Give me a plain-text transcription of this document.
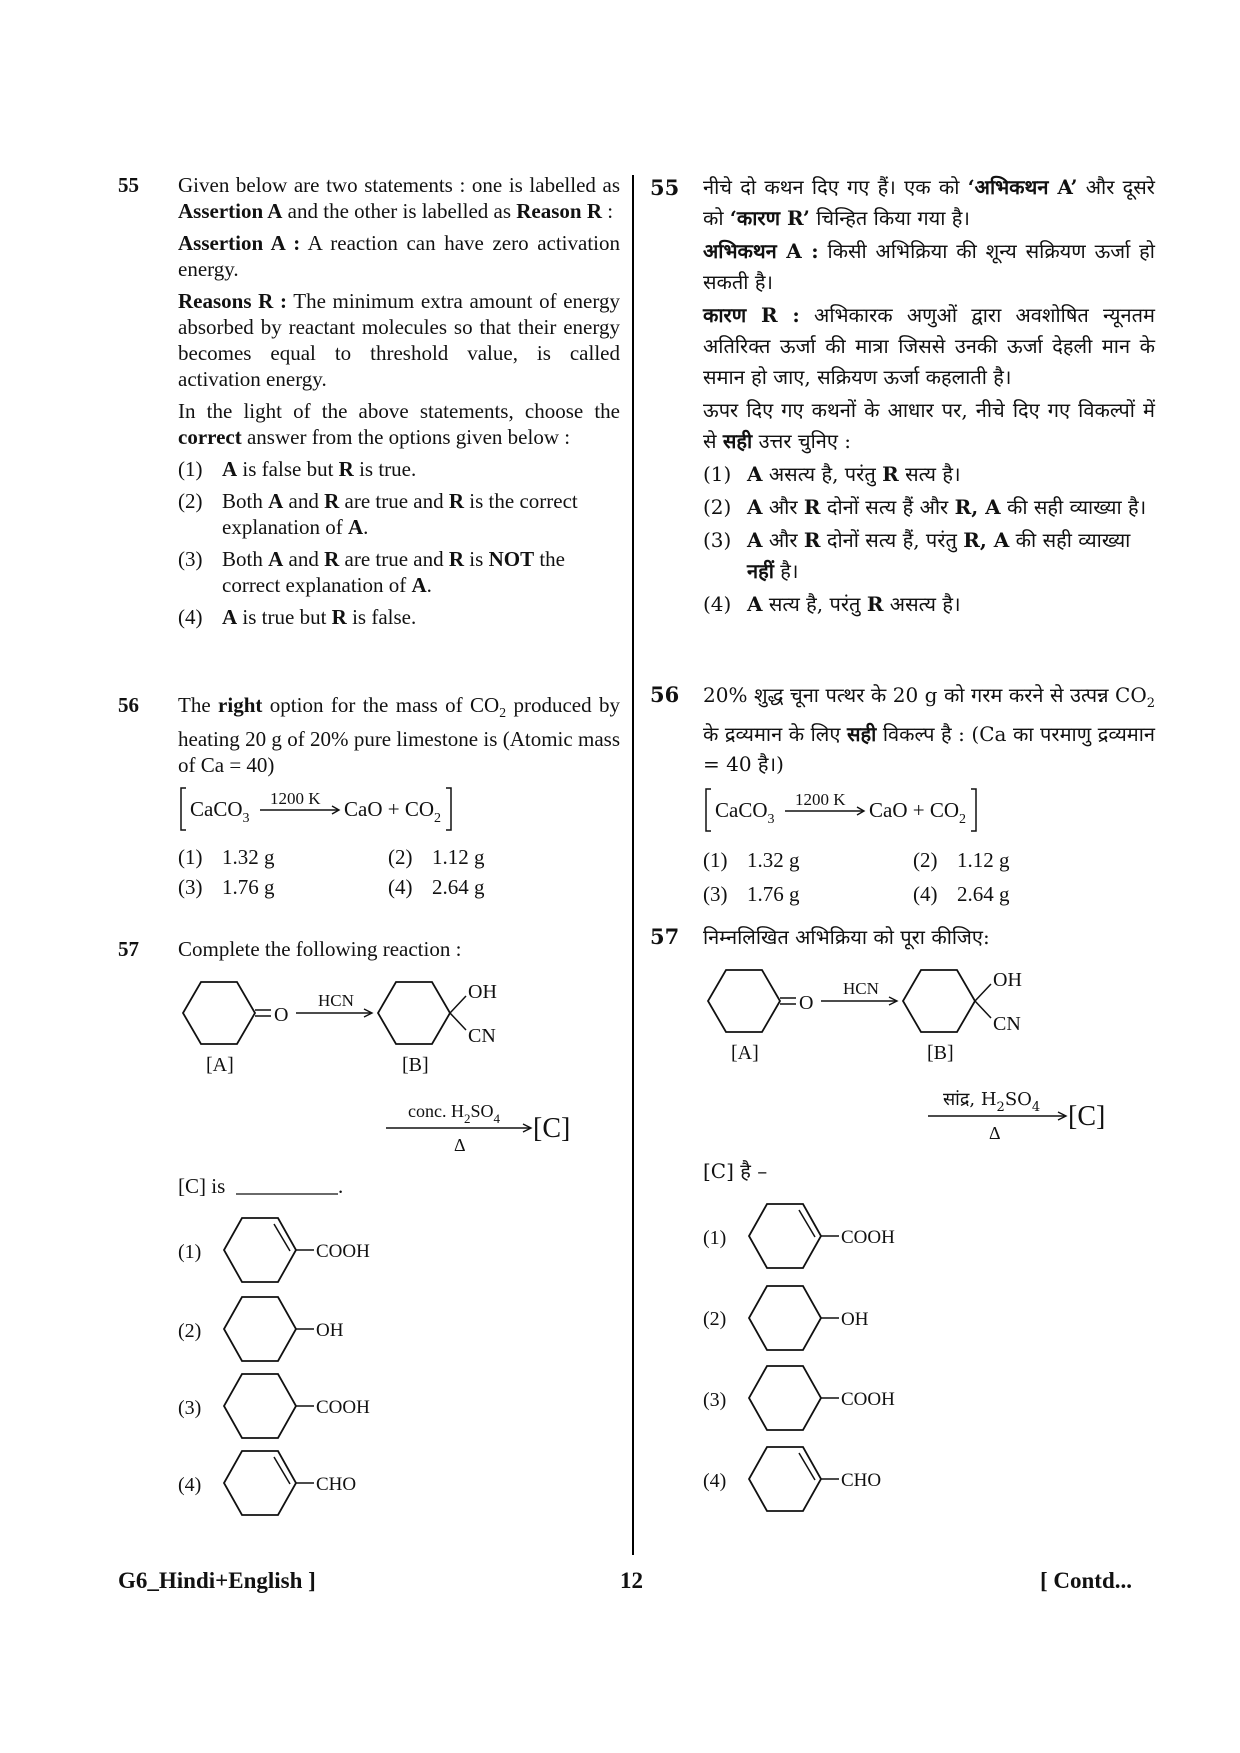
55 Given below are two statements : one is labelled as Assertion A and the other is labelled as Reason R :

Assertion A : A reaction can have zero activation energy.

Reasons R : The minimum extra amount of energy absorbed by reactant molecules so that their energy becomes equal to threshold value, is called activation energy.

In the light of the above statements, choose the correct answer from the options given below :

(1) A is false but R is true.
(2) Both A and R are true and R is the correct explanation of A.
(3) Both A and R are true and R is NOT the correct explanation of A.
(4) A is true but R is false.
56 The right option for the mass of $CO_2$ produced by heating 20 g of 20% pure limestone is (Atomic mass of Ca = 40)

CaCO$_3$
1200 K CaO + $CO_2$
(1) 1.32 g	(2) 1.12 g
(3) 1.76 g	(4) 2.64 g
57 Complete the following reaction :

O
[A]
HCN	OH
CN
[B]
conc. $H_2SO_4$
Δ
[C]
[C] is	.
(1)	COOH
(2)	OH
(3)	COOH
(4)	CHO
55 नीचे दो कथन दिए गए हैं। एक को ‘अभिकथन A’ और दूसरे को ‘कारण R’ चिन्हित किया गया है।

अभिकथन A : किसी अभिक्रिया की शून्य सक्रियण ऊर्जा हो सकती है।

कारण R : अभिकारक अणुओं द्वारा अवशोषित न्यूनतम अतिरिक्त ऊर्जा की मात्रा जिससे उनकी ऊर्जा देहली मान के समान हो जाए, सक्रियण ऊर्जा कहलाती है।

ऊपर दिए गए कथनों के आधार पर, नीचे दिए गए विकल्पों में से सही उत्तर चुनिए :

(1) A असत्य है, परंतु R सत्य है।
(2) A और R दोनों सत्य हैं और R, A की सही व्याख्या है।
(3) A और R दोनों सत्य हैं, परंतु R, A की सही व्याख्या नहीं है।
(4) A सत्य है, परंतु R असत्य है।
56 20% शुद्ध चूना पत्थर के 20 g को गरम करने से उत्पन्न $CO_2$ के द्रव्यमान के लिए सही विकल्प है : (Ca का परमाणु द्रव्यमान = 40 है।)

CaCO$_3$
1200 K CaO + $CO_2$
(1) 1.32 g	(2) 1.12 g
(3) 1.76 g	(4) 2.64 g
57 निम्नलिखित अभिक्रिया को पूरा कीजिए:

O
[A]
HCN	OH
CN
[B]
सांद्र, $H_2SO_4$
Δ
[C]
[C] है –
(1)	COOH
(2)	OH
(3)	COOH
(4)	CHO
G6_Hindi+English ]	12	[ Contd...
